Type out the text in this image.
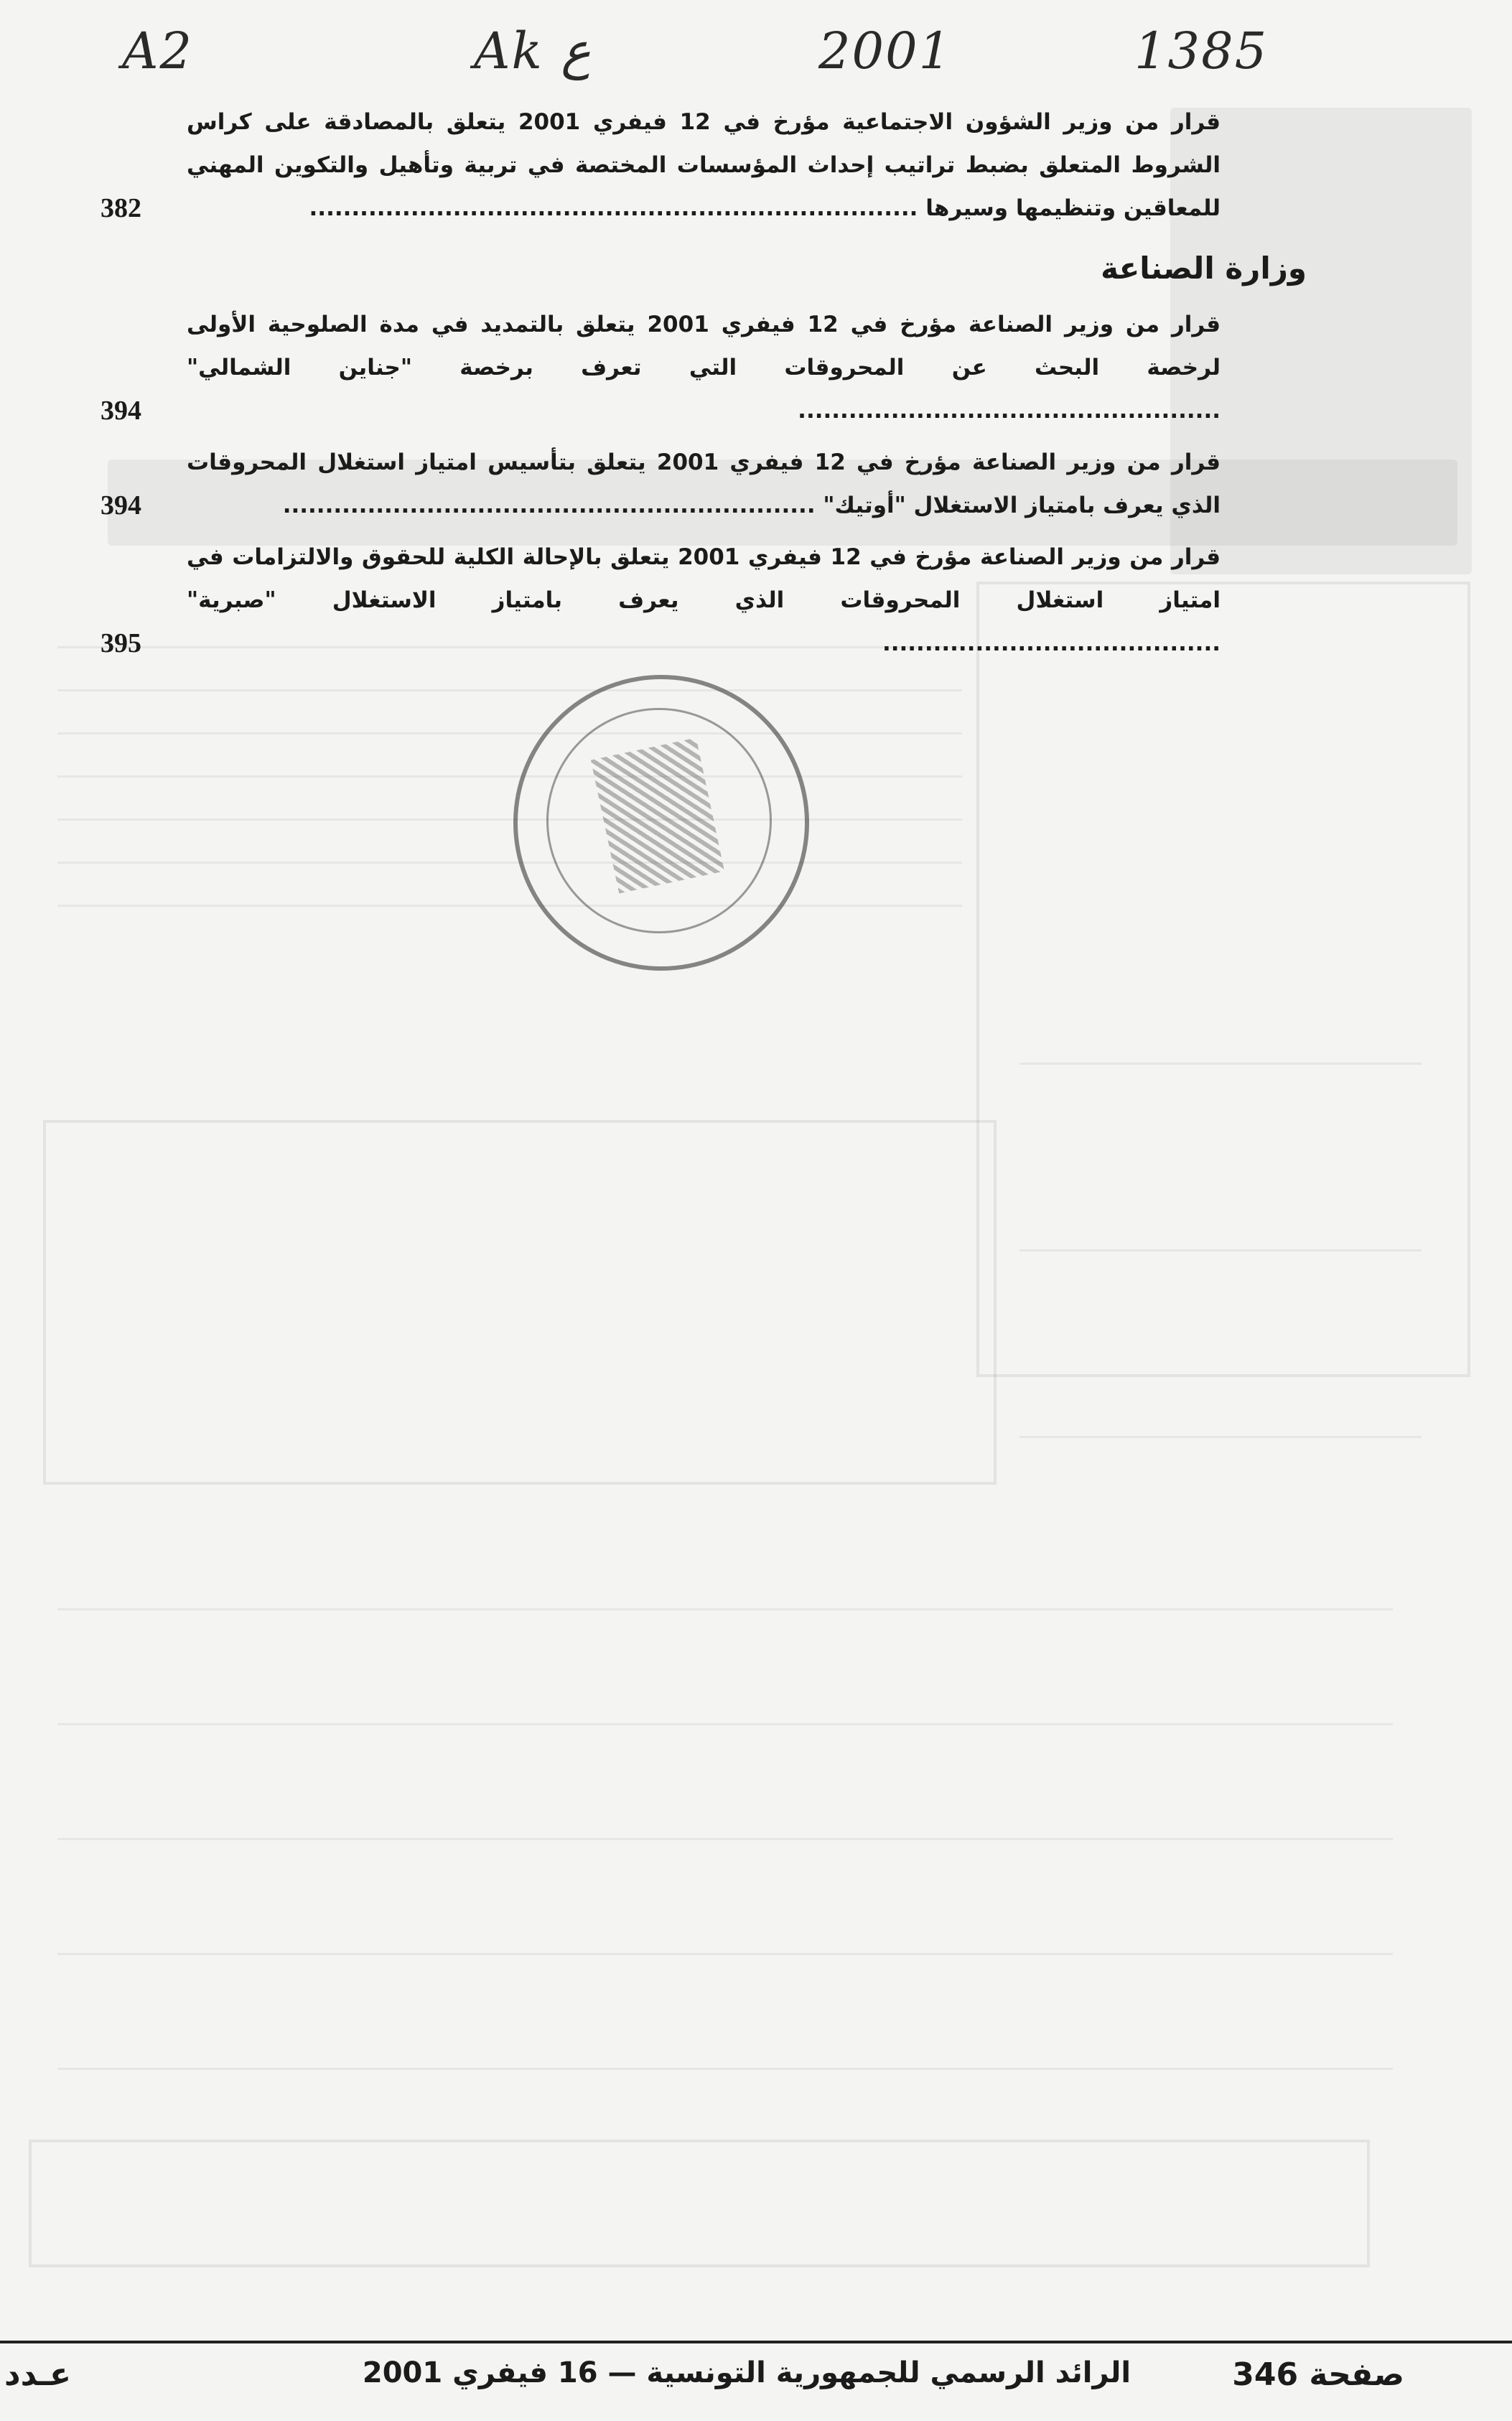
A2	Ak ع	2001	1385
قرار من وزير الشؤون الاجتماعية مؤرخ في 12 فيفري 2001 يتعلق بالمصادقة على كراس الشروط المتعلق بضبط تراتيب إحداث المؤسسات المختصة في تربية وتأهيل والتكوين المهني للمعاقين وتنظيمها وسيرها ........................................................................
382
وزارة الصناعة
قرار من وزير الصناعة مؤرخ في 12 فيفري 2001 يتعلق بالتمديد في مدة الصلوحية الأولى لرخصة البحث عن المحروقات التي تعرف برخصة "جناين الشمالي" ..................................................
394
قرار من وزير الصناعة مؤرخ في 12 فيفري 2001 يتعلق بتأسيس امتياز استغلال المحروقات الذي يعرف بامتياز الاستغلال "أوتيك" ...............................................................
394
قرار من وزير الصناعة مؤرخ في 12 فيفري 2001 يتعلق بالإحالة الكلية للحقوق والالتزامات في امتياز استغلال المحروقات الذي يعرف بامتياز الاستغلال "صبرية" ........................................
395
صفحة 346
الرائد الرسمي للجمهورية التونسية — 16 فيفري 2001
عـدد
